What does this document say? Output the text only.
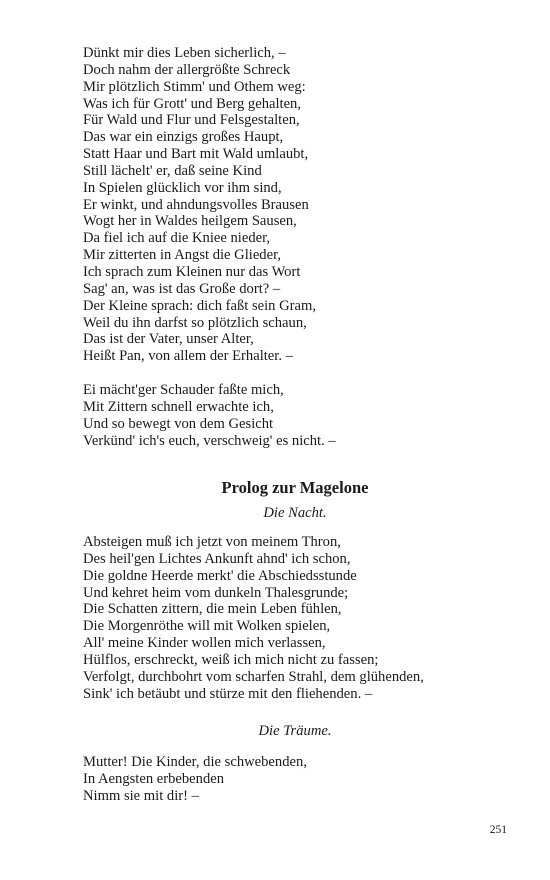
Dünkt mir dies Leben sicherlich, –
Doch nahm der allergrößte Schreck
Mir plötzlich Stimm' und Othem weg:
Was ich für Grott' und Berg gehalten,
Für Wald und Flur und Felsgestalten,
Das war ein einzigs großes Haupt,
Statt Haar und Bart mit Wald umlaubt,
Still lächelt' er, daß seine Kind
In Spielen glücklich vor ihm sind,
Er winkt, und ahndungsvolles Brausen
Wogt her in Waldes heilgem Sausen,
Da fiel ich auf die Kniee nieder,
Mir zitterten in Angst die Glieder,
Ich sprach zum Kleinen nur das Wort
Sag' an, was ist das Große dort? –
Der Kleine sprach: dich faßt sein Gram,
Weil du ihn darfst so plötzlich schaun,
Das ist der Vater, unser Alter,
Heißt Pan, von allem der Erhalter. –
Ei mächt'ger Schauder faßte mich,
Mit Zittern schnell erwachte ich,
Und so bewegt von dem Gesicht
Verkünd' ich's euch, verschweig' es nicht. –
Prolog zur Magelone
Die Nacht.
Absteigen muß ich jetzt von meinem Thron,
Des heil'gen Lichtes Ankunft ahnd' ich schon,
Die goldne Heerde merkt' die Abschiedsstunde
Und kehret heim vom dunkeln Thalesgrunde;
Die Schatten zittern, die mein Leben fühlen,
Die Morgenröthe will mit Wolken spielen,
All' meine Kinder wollen mich verlassen,
Hülflos, erschreckt, weiß ich mich nicht zu fassen;
Verfolgt, durchbohrt vom scharfen Strahl, dem glühenden,
Sink' ich betäubt und stürze mit den fliehenden. –
Die Träume.
Mutter! Die Kinder, die schwebenden,
In Aengsten erbebenden
Nimm sie mit dir! –
251
